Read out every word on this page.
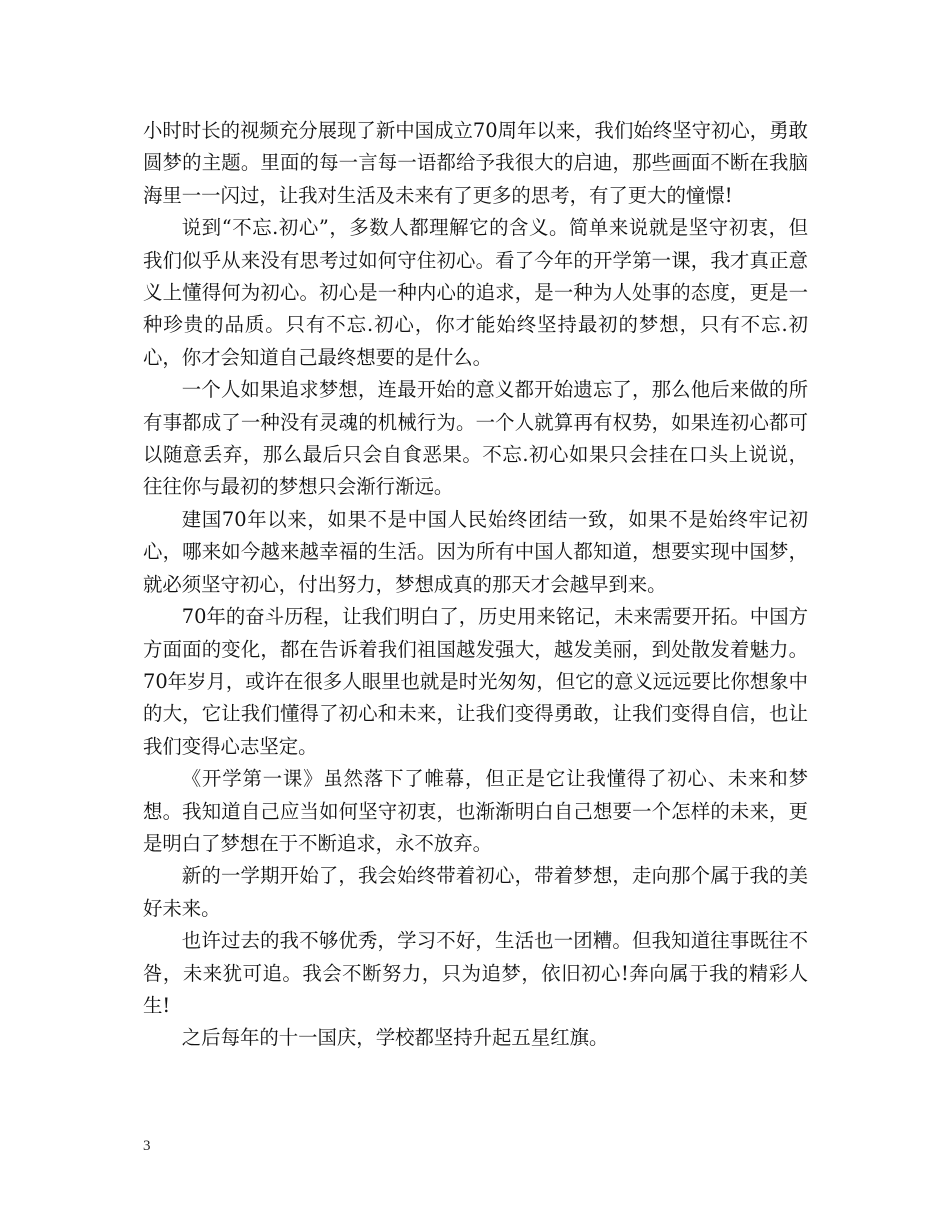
小时时长的视频充分展现了新中国成立70周年以来，我们始终坚守初心，勇敢圆梦的主题。里面的每一言每一语都给予我很大的启迪，那些画面不断在我脑海里一一闪过，让我对生活及未来有了更多的思考，有了更大的憧憬!

说到“不忘.初心”，多数人都理解它的含义。简单来说就是坚守初衷，但我们似乎从来没有思考过如何守住初心。看了今年的开学第一课，我才真正意义上懂得何为初心。初心是一种内心的追求，是一种为人处事的态度，更是一种珍贵的品质。只有不忘.初心，你才能始终坚持最初的梦想，只有不忘.初心，你才会知道自己最终想要的是什么。

一个人如果追求梦想，连最开始的意义都开始遗忘了，那么他后来做的所有事都成了一种没有灵魂的机械行为。一个人就算再有权势，如果连初心都可以随意丢弃，那么最后只会自食恶果。不忘.初心如果只会挂在口头上说说，往往你与最初的梦想只会渐行渐远。

建国70年以来，如果不是中国人民始终团结一致，如果不是始终牢记初心，哪来如今越来越幸福的生活。因为所有中国人都知道，想要实现中国梦，就必须坚守初心，付出努力，梦想成真的那天才会越早到来。

70年的奋斗历程，让我们明白了，历史用来铭记，未来需要开拓。中国方方面面的变化，都在告诉着我们祖国越发强大，越发美丽，到处散发着魅力。70年岁月，或许在很多人眼里也就是时光匆匆，但它的意义远远要比你想象中的大，它让我们懂得了初心和未来，让我们变得勇敢，让我们变得自信，也让我们变得心志坚定。

《开学第一课》虽然落下了帷幕，但正是它让我懂得了初心、未来和梦想。我知道自己应当如何坚守初衷，也渐渐明白自己想要一个怎样的未来，更是明白了梦想在于不断追求，永不放弃。

新的一学期开始了，我会始终带着初心，带着梦想，走向那个属于我的美好未来。

也许过去的我不够优秀，学习不好，生活也一团糟。但我知道往事既往不咎，未来犹可追。我会不断努力，只为追梦，依旧初心!奔向属于我的精彩人生!

之后每年的十一国庆，学校都坚持升起五星红旗。

3
